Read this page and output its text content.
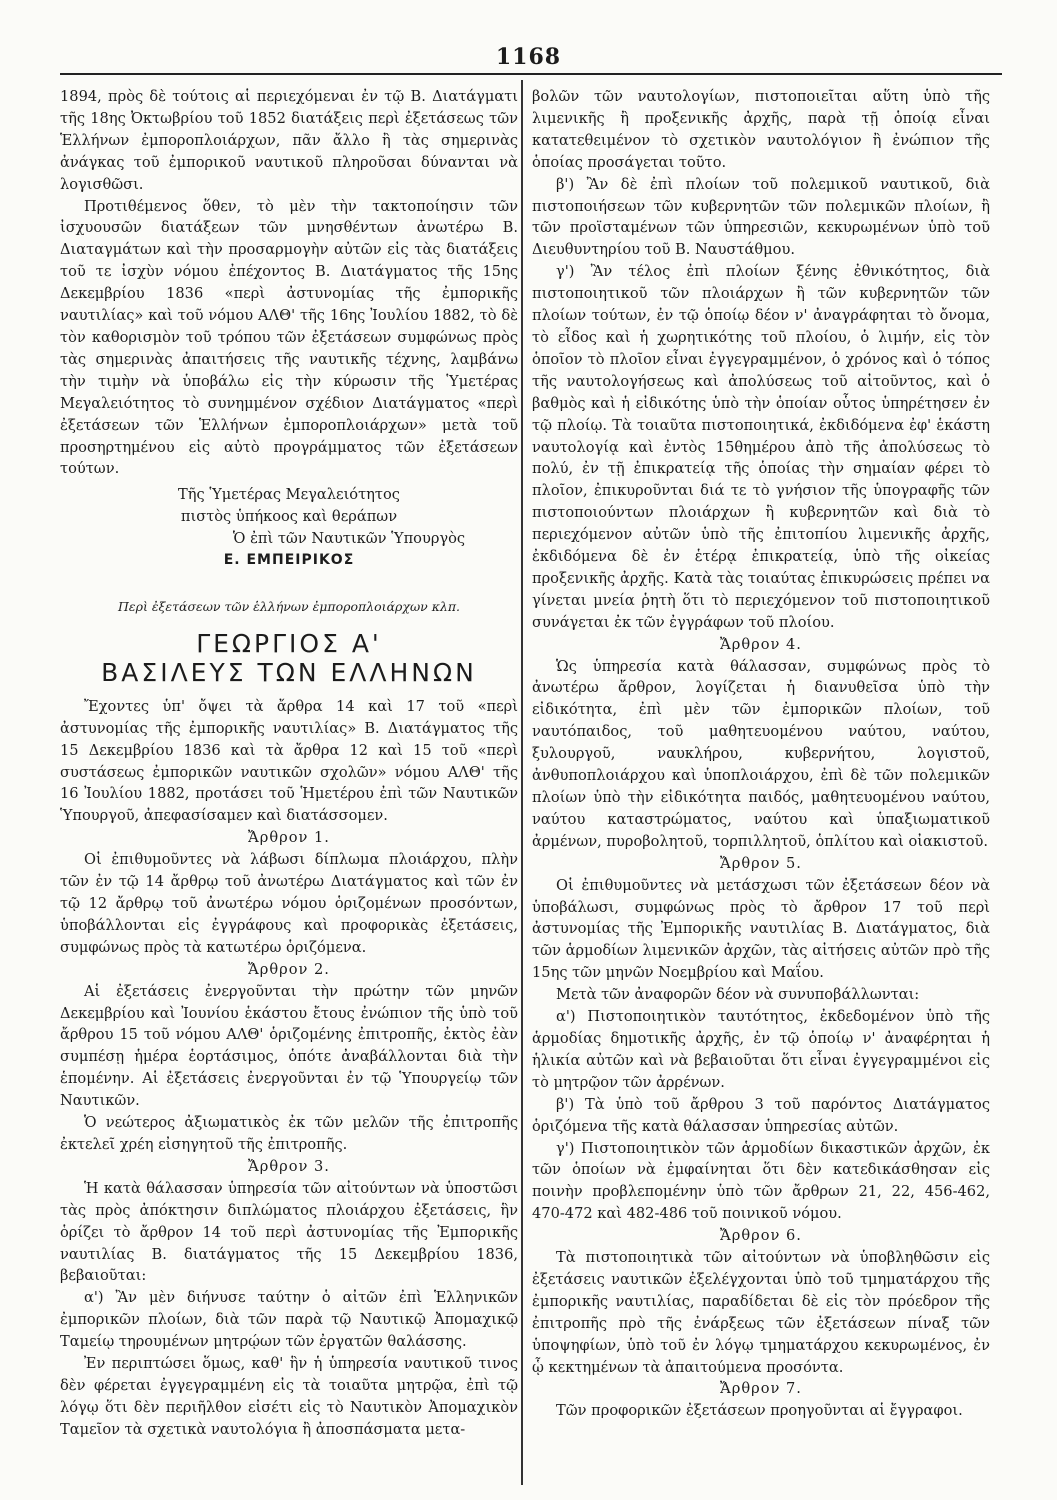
1168

1894, πρὸς δὲ τούτοις αἱ περιεχόμεναι ἐν τῷ Β. Διατάγματι τῆς 18ης Ὀκτωβρίου τοῦ 1852 διατάξεις περὶ ἐξετάσεως τῶν Ἑλλήνων ἐμποροπλοιάρχων, πᾶν ἄλλο ἢ τὰς σημερινὰς ἀνάγκας τοῦ ἐμπορικοῦ ναυτικοῦ πληροῦσαι δύνανται νὰ λογισθῶσι.

Προτιθέμενος ὅθεν, τὸ μὲν τὴν τακτοποίησιν τῶν ἰσχυουσῶν διατάξεων τῶν μνησθέντων ἀνωτέρω Β. Διαταγμάτων καὶ τὴν προσαρμογὴν αὐτῶν εἰς τὰς διατάξεις τοῦ τε ἰσχὺν νόμου ἐπέχοντος Β. Διατάγματος τῆς 15ης Δεκεμβρίου 1836 «περὶ ἀστυνομίας τῆς ἐμπορικῆς ναυτιλίας» καὶ τοῦ νόμου ΑΛΘ' τῆς 16ης Ἰουλίου 1882, τὸ δὲ τὸν καθορισμὸν τοῦ τρόπου τῶν ἐξετάσεων συμφώνως πρὸς τὰς σημερινὰς ἀπαιτήσεις τῆς ναυτικῆς τέχνης, λαμβάνω τὴν τιμὴν νὰ ὑποβάλω εἰς τὴν κύρωσιν τῆς Ὑμετέρας Μεγαλειότητος τὸ συνημμένον σχέδιον Διατάγματος «περὶ ἐξετάσεων τῶν Ἑλλήνων ἐμποροπλοιάρχων» μετὰ τοῦ προσηρτημένου εἰς αὐτὸ προγράμματος τῶν ἐξετάσεων τούτων.

Τῆς Ὑμετέρας Μεγαλειότητος

πιστὸς ὑπήκοος καὶ θεράπων

Ὁ ἐπὶ τῶν Ναυτικῶν Ὑπουργὸς

Ε. ΕΜΠΕΙΡΙΚΟΣ

Περὶ ἐξετάσεων τῶν ἑλλήνων ἐμποροπλοιάρχων κλπ.

ΓΕΩΡΓΙΟΣ Α'

ΒΑΣΙΛΕΥΣ ΤΩΝ ΕΛΛΗΝΩΝ

Ἔχοντες ὑπ' ὄψει τὰ ἄρθρα 14 καὶ 17 τοῦ «περὶ ἀστυνομίας τῆς ἐμπορικῆς ναυτιλίας» Β. Διατάγματος τῆς 15 Δεκεμβρίου 1836 καὶ τὰ ἄρθρα 12 καὶ 15 τοῦ «περὶ συστάσεως ἐμπορικῶν ναυτικῶν σχολῶν» νόμου ΑΛΘ' τῆς 16 Ἰουλίου 1882, προτάσει τοῦ Ἡμετέρου ἐπὶ τῶν Ναυτικῶν Ὑπουργοῦ, ἀπεφασίσαμεν καὶ διατάσσομεν.

Ἄρθρον 1.

Οἱ ἐπιθυμοῦντες νὰ λάβωσι δίπλωμα πλοιάρχου, πλὴν τῶν ἐν τῷ 14 ἄρθρῳ τοῦ ἀνωτέρω Διατάγματος καὶ τῶν ἐν τῷ 12 ἄρθρῳ τοῦ ἀνωτέρω νόμου ὁριζομένων προσόντων, ὑποβάλλονται εἰς ἐγγράφους καὶ προφορικὰς ἐξετάσεις, συμφώνως πρὸς τὰ κατωτέρω ὁριζόμενα.

Ἄρθρον 2.

Αἱ ἐξετάσεις ἐνεργοῦνται τὴν πρώτην τῶν μηνῶν Δεκεμβρίου καὶ Ἰουνίου ἑκάστου ἔτους ἐνώπιον τῆς ὑπὸ τοῦ ἄρθρου 15 τοῦ νόμου ΑΛΘ' ὁριζομένης ἐπιτροπῆς, ἐκτὸς ἐὰν συμπέσῃ ἡμέρα ἑορτάσιμος, ὁπότε ἀναβάλλονται διὰ τὴν ἑπομένην. Αἱ ἐξετάσεις ἐνεργοῦνται ἐν τῷ Ὑπουργείῳ τῶν Ναυτικῶν.

Ὁ νεώτερος ἀξιωματικὸς ἐκ τῶν μελῶν τῆς ἐπιτροπῆς ἐκτελεῖ χρέη εἰσηγητοῦ τῆς ἐπιτροπῆς.

Ἄρθρον 3.

Ἡ κατὰ θάλασσαν ὑπηρεσία τῶν αἰτούντων νὰ ὑποστῶσι τὰς πρὸς ἀπόκτησιν διπλώματος πλοιάρχου ἐξετάσεις, ἣν ὁρίζει τὸ ἄρθρον 14 τοῦ περὶ ἀστυνομίας τῆς Ἐμπορικῆς ναυτιλίας Β. διατάγματος τῆς 15 Δεκεμβρίου 1836, βεβαιοῦται:

α') Ἂν μὲν διήνυσε ταύτην ὁ αἰτῶν ἐπὶ Ἑλληνικῶν ἐμπορικῶν πλοίων, διὰ τῶν παρὰ τῷ Ναυτικῷ Ἀπομαχικῷ Ταμείῳ τηρουμένων μητρῴων τῶν ἐργατῶν θαλάσσης.

Ἐν περιπτώσει ὅμως, καθ' ἣν ἡ ὑπηρεσία ναυτικοῦ τινος δὲν φέρεται ἐγγεγραμμένη εἰς τὰ τοιαῦτα μητρῷα, ἐπὶ τῷ λόγῳ ὅτι δὲν περιῆλθον εἰσέτι εἰς τὸ Ναυτικὸν Ἀπομαχικὸν Ταμεῖον τὰ σχετικὰ ναυτολόγια ἢ ἀποσπάσματα μετα-

βολῶν τῶν ναυτολογίων, πιστοποιεῖται αὕτη ὑπὸ τῆς λιμενικῆς ἢ προξενικῆς ἀρχῆς, παρὰ τῇ ὁποίᾳ εἶναι κατατεθειμένον τὸ σχετικὸν ναυτολόγιον ἢ ἐνώπιον τῆς ὁποίας προσάγεται τοῦτο.

β') Ἂν δὲ ἐπὶ πλοίων τοῦ πολεμικοῦ ναυτικοῦ, διὰ πιστοποιήσεων τῶν κυβερνητῶν τῶν πολεμικῶν πλοίων, ἢ τῶν προϊσταμένων τῶν ὑπηρεσιῶν, κεκυρωμένων ὑπὸ τοῦ Διευθυντηρίου τοῦ Β. Ναυστάθμου.

γ') Ἂν τέλος ἐπὶ πλοίων ξένης ἐθνικότητος, διὰ πιστοποιητικοῦ τῶν πλοιάρχων ἢ τῶν κυβερνητῶν τῶν πλοίων τούτων, ἐν τῷ ὁποίῳ δέον ν' ἀναγράφηται τὸ ὄνομα, τὸ εἶδος καὶ ἡ χωρητικότης τοῦ πλοίου, ὁ λιμήν, εἰς τὸν ὁποῖον τὸ πλοῖον εἶναι ἐγγεγραμμένον, ὁ χρόνος καὶ ὁ τόπος τῆς ναυτολογήσεως καὶ ἀπολύσεως τοῦ αἰτοῦντος, καὶ ὁ βαθμὸς καὶ ἡ εἰδικότης ὑπὸ τὴν ὁποίαν οὗτος ὑπηρέτησεν ἐν τῷ πλοίῳ. Τὰ τοιαῦτα πιστοποιητικά, ἐκδιδόμενα ἐφ' ἑκάστη ναυτολογίᾳ καὶ ἐντὸς 15θημέρου ἀπὸ τῆς ἀπολύσεως τὸ πολύ, ἐν τῇ ἐπικρατείᾳ τῆς ὁποίας τὴν σημαίαν φέρει τὸ πλοῖον, ἐπικυροῦνται διά τε τὸ γνήσιον τῆς ὑπογραφῆς τῶν πιστοποιούντων πλοιάρχων ἢ κυβερνητῶν καὶ διὰ τὸ περιεχόμενον αὐτῶν ὑπὸ τῆς ἐπιτοπίου λιμενικῆς ἀρχῆς, ἐκδιδόμενα δὲ ἐν ἑτέρᾳ ἐπικρατείᾳ, ὑπὸ τῆς οἰκείας προξενικῆς ἀρχῆς. Κατὰ τὰς τοιαύτας ἐπικυρώσεις πρέπει να γίνεται μνεία ῥητὴ ὅτι τὸ περιεχόμενον τοῦ πιστοποιητικοῦ συνάγεται ἐκ τῶν ἐγγράφων τοῦ πλοίου.

Ἄρθρον 4.

Ὡς ὑπηρεσία κατὰ θάλασσαν, συμφώνως πρὸς τὸ ἀνωτέρω ἄρθρον, λογίζεται ἡ διανυθεῖσα ὑπὸ τὴν εἰδικότητα, ἐπὶ μὲν τῶν ἐμπορικῶν πλοίων, τοῦ ναυτόπαιδος, τοῦ μαθητευομένου ναύτου, ναύτου, ξυλουργοῦ, ναυκλήρου, κυβερνήτου, λογιστοῦ, ἀνθυποπλοιάρχου καὶ ὑποπλοιάρχου, ἐπὶ δὲ τῶν πολεμικῶν πλοίων ὑπὸ τὴν εἰδικότητα παιδός, μαθητευομένου ναύτου, ναύτου καταστρώματος, ναύτου καὶ ὑπαξιωματικοῦ ἀρμένων, πυροβολητοῦ, τορπιλλητοῦ, ὁπλίτου καὶ οἰακιστοῦ.

Ἄρθρον 5.

Οἱ ἐπιθυμοῦντες νὰ μετάσχωσι τῶν ἐξετάσεων δέον νὰ ὑποβάλωσι, συμφώνως πρὸς τὸ ἄρθρον 17 τοῦ περὶ ἀστυνομίας τῆς Ἐμπορικῆς ναυτιλίας Β. Διατάγματος, διὰ τῶν ἁρμοδίων λιμενικῶν ἀρχῶν, τὰς αἰτήσεις αὐτῶν πρὸ τῆς 15ης τῶν μηνῶν Νοεμβρίου καὶ Μαΐου.

Μετὰ τῶν ἀναφορῶν δέον νὰ συνυποβάλλωνται:

α') Πιστοποιητικὸν ταυτότητος, ἐκδεδομένον ὑπὸ τῆς ἁρμοδίας δημοτικῆς ἀρχῆς, ἐν τῷ ὁποίῳ ν' ἀναφέρηται ἡ ἡλικία αὐτῶν καὶ νὰ βεβαιοῦται ὅτι εἶναι ἐγγεγραμμένοι εἰς τὸ μητρῷον τῶν ἀρρένων.

β') Τὰ ὑπὸ τοῦ ἄρθρου 3 τοῦ παρόντος Διατάγματος ὁριζόμενα τῆς κατὰ θάλασσαν ὑπηρεσίας αὐτῶν.

γ') Πιστοποιητικὸν τῶν ἁρμοδίων δικαστικῶν ἀρχῶν, ἐκ τῶν ὁποίων νὰ ἐμφαίνηται ὅτι δὲν κατεδικάσθησαν εἰς ποινὴν προβλεπομένην ὑπὸ τῶν ἄρθρων 21, 22, 456-462, 470-472 καὶ 482-486 τοῦ ποινικοῦ νόμου.

Ἄρθρον 6.

Τὰ πιστοποιητικὰ τῶν αἰτούντων νὰ ὑποβληθῶσιν εἰς ἐξετάσεις ναυτικῶν ἐξελέγχονται ὑπὸ τοῦ τμηματάρχου τῆς ἐμπορικῆς ναυτιλίας, παραδίδεται δὲ εἰς τὸν πρόεδρον τῆς ἐπιτροπῆς πρὸ τῆς ἐνάρξεως τῶν ἐξετάσεων πίναξ τῶν ὑποψηφίων, ὑπὸ τοῦ ἐν λόγῳ τμηματάρχου κεκυρωμένος, ἐν ᾧ κεκτημένων τὰ ἀπαιτούμενα προσόντα.

Ἄρθρον 7.

Τῶν προφορικῶν ἐξετάσεων προηγοῦνται αἱ ἔγγραφοι.
